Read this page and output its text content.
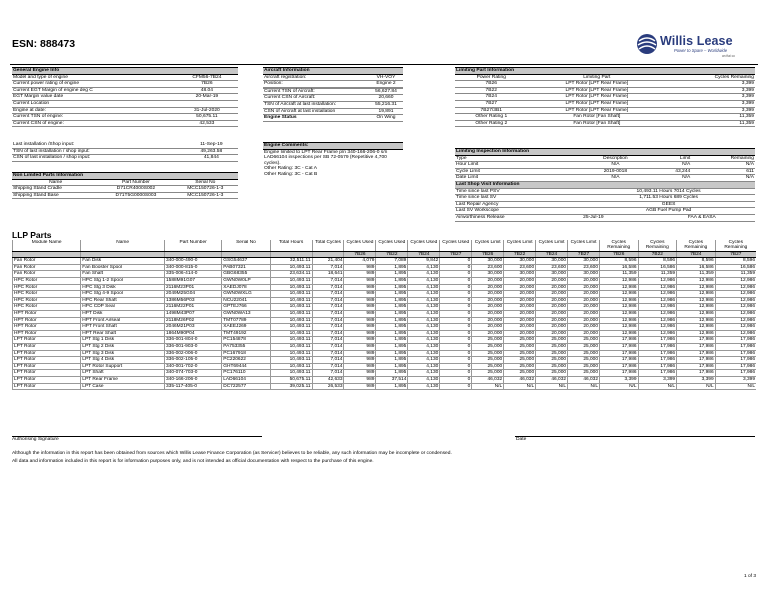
ESN: 888473	Willis Lease
Power to Spare – Worldwide
an ftai co
General Engine Info	
Model and type of engine	CFM56-7B24
Current power rating of engine	7B26
Current EGT Margin of engine deg C	48.04
EGT Margin value date	20-Mar-19
Current Location	
Engine at date:	31-Jul-2020
Current TSN of engine:	50,675.11
Current CSN of engine:	42,533
Last installation /Shop input:	11-Sep-19
TSN of last installation / shop input:	49,263.58
CSN of last installation / shop input:	41,844
Aircraft Information	
Aircraft registration:	VH-VOY
Position:	Engine 2

Current TSN of Aircraft:	56,627.84
Current CSN of Aircraft:	20,660
TSN of Aircraft at last installation:	55,216.31
CSN of Aircraft at last installation	19,891
Engine Status	On Wing
Limiting Part Information		
Power Rating	Limiting Part	Cycles Remaining
7B26	LPT Rotor [LPT Rear Frame]	3,399
7B22	LPT Rotor [LPT Rear Frame]	3,399
7B24	LPT Rotor [LPT Rear Frame]	3,399
7B27	LPT Rotor [LPT Rear Frame]	3,399
7B27/3B1	LPT Rotor [LPT Rear Frame]	3,399
Other Rating 1	Fan Rotor [Fan Shaft]	11,359
Other Rating 2	Fan Rotor [Fan Shaft]	11,359
Non Limited Parts Information		
Name	Part Number	Serial No
Shipping Stand Cradle	D71CR4000S002	MCC150726-1-3
Shipping Stand Base	D71T5G0000S003	MCC150726-1-3
Engine Comments:
Engine limited to LPT Rear Frame p/n 340-166-206-0 s/n
LAD66104 inspections per SB 72-0579 (Repetitive 4,700
cycles).

Other Rating: 3C - Cat A
Other Rating: 3C - Cat B
Limiting Inspection Information			
Type	Description	Limit	Remaining
Hour Limit	N/A	N/A	N/A
Cycle Limit	2019-0018	43,244	611
Date Limit	N/A	N/A	N/A
Last Shop Visit Information			
Time since last PSV	10,493.11 Hours 7014 Cycles		
Time since last SV	1,711.53 Hours 689 Cycles		
Last Repair Agency	GEES		
Last SV Workscope	AGB Fuel Pump Pad		
Airworthiness Release	25-Jul-19	FAA & EASA	
LLP Parts
Module Name	Name	Part Number	Serial No	Total Hours	Total Cycles	Cycles Used	Cycles Used	Cycles Used	Cycles Used	Cycles Limit	Cycles Limit	Cycles Limit	Cycles Limit	Cycles Remaining	Cycles Remaining	Cycles Remaining	Cycles Remaining
						7B26	7B22	7B24	7B27	7B26	7B22	7B24	7B27	7B26	7B22	7B24	7B27
Fan Rotor	Fan Disk	340-000-490-0	GSG54637	32,511.11	21,404	4,079	7,089	9,842	0	30,000	30,000	30,000	30,000	8,596	8,596	8,596	8,596
Fan Rotor	Fan Booster Spool	340-000-815-0	PAB07321	10,493.11	7,014	989	1,895	4,130	0	23,600	23,600	23,600	23,600	16,586	16,586	16,586	16,586
Fan Rotor	Fan Shaft	335-006-414-0	GBG68355	23,634.11	18,641	989	1,895	4,130	0	30,000	30,000	30,000	30,000	11,359	11,359	11,359	11,359
HPC Rotor	HPC Stg 1-2 Spool	1588M91G07	GWN0W0LP	10,493.11	7,014	989	1,895	4,130	0	20,000	20,000	20,000	20,000	12,986	12,986	12,986	12,986
HPC Rotor	HPC Stg 3 Disk	2116M23P01	XAEDJ078	10,493.11	7,014	989	1,895	4,130	0	20,000	20,000	20,000	20,000	12,986	12,986	12,986	12,986
HPC Rotor	HPC Stg 4-9 Spool	2049M25G04	GWN0WXLG	10,493.11	7,014	989	1,895	4,130	0	20,000	20,000	20,000	20,000	12,986	12,986	12,986	12,986
HPC Rotor	HPC Rear Shaft	1386M56P03	NCU22041	10,493.11	7,014	989	1,895	4,130	0	20,000	20,000	20,000	20,000	12,986	12,986	12,986	12,986
HPC Rotor	HPC CDP Seal	2116M22P01	GPTEJ766	10,493.11	7,014	989	1,895	4,130	0	20,000	20,000	20,000	20,000	12,986	12,986	12,986	12,986
HPT Rotor	HPT Disk	1498M43P07	GWN0WA13	10,493.11	7,014	989	1,895	4,130	0	20,000	20,000	20,000	20,000	12,986	12,986	12,986	12,986
HPT Rotor	HPT Front Airseal	2118M26P02	TMT07789	10,493.11	7,014	989	1,895	4,130	0	20,000	20,000	20,000	20,000	12,986	12,986	12,986	12,986
HPT Rotor	HPT Front Shaft	2046M21P03	XAEEJ269	10,493.11	7,014	989	1,895	4,130	0	20,000	20,000	20,000	20,000	12,986	12,986	12,986	12,986
HPT Rotor	HPT Rear Shaft	1864M90P04	TMT49192	10,493.11	7,014	989	1,895	4,130	0	20,000	20,000	20,000	20,000	12,986	12,986	12,986	12,986
LPT Rotor	LPT Stg 1 Disk	336-001-804-0	PC154878	10,493.11	7,014	989	1,895	4,130	0	25,000	25,000	25,000	25,000	17,986	17,986	17,986	17,986
LPT Rotor	LPT Stg 2 Disk	336-001-903-0	PA753355	10,493.11	7,014	989	1,895	4,130	0	25,000	25,000	25,000	25,000	17,986	17,986	17,986	17,986
LPT Rotor	LPT Stg 3 Disk	336-002-006-0	PC167918	10,493.11	7,014	989	1,895	4,130	0	25,000	25,000	25,000	25,000	17,986	17,986	17,986	17,986
LPT Rotor	LPT Stg 4 Disk	336-002-105-0	PC220622	10,493.11	7,014	989	1,895	4,130	0	25,000	25,000	25,000	25,000	17,986	17,986	17,986	17,986
LPT Rotor	LPT Rotor Support	340-001-702-0	GHT69444	10,493.11	7,014	989	1,895	4,130	0	25,000	25,000	25,000	25,000	17,986	17,986	17,986	17,986
LPT Rotor	LPT Shaft	340-074-703-0	PC176110	10,493.11	7,014	989	1,895	4,130	0	25,000	25,000	25,000	25,000	17,986	17,986	17,986	17,986
LPT Rotor	LPT Rear Frame	340-166-206-0	LAD66104	50,675.11	42,633	989	37,514	4,130	0	46,032	46,032	46,032	46,032	3,399	3,399	3,399	3,399
LPT Rotor	LPT Case	335-117-405-0	DC722577	39,025.11	26,533	989	1,895	4,130	0	N/L	N/L	N/L	N/L	N/L	N/L	N/L	N/L
Authorising Signature	Date
Although the information in this report has been obtained from sources which Willis Lease Finance Corporation (as Servicer) believes to be reliable, any such information may be incomplete or condensed.
All data and information included in this report is for information purposes only, and is not intended as official documentation with respect to the purchase of this engine.
1 of 3
